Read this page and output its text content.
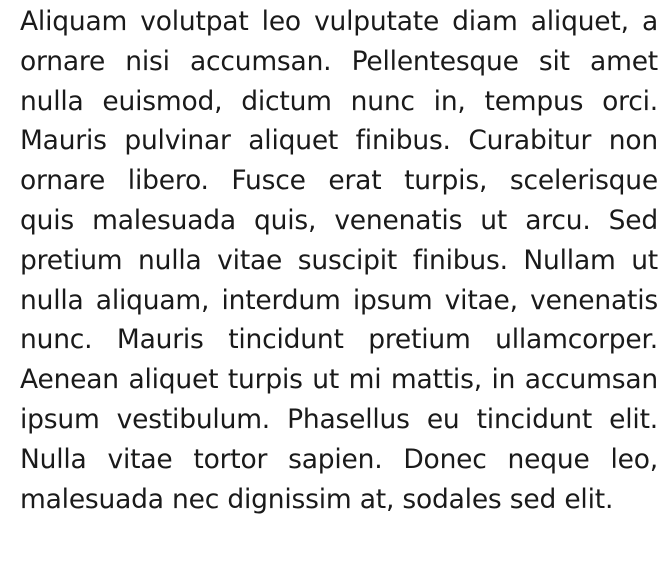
Aliquam volutpat leo vulputate diam aliquet, a
ornare nisi accumsan. Pellentesque sit amet
nulla euismod, dictum nunc in, tempus orci.
Mauris pulvinar aliquet finibus. Curabitur non
ornare libero. Fusce erat turpis, scelerisque
quis malesuada quis, venenatis ut arcu. Sed
pretium nulla vitae suscipit finibus. Nullam ut
nulla aliquam, interdum ipsum vitae, venenatis
nunc. Mauris tincidunt pretium ullamcorper.
Aenean aliquet turpis ut mi mattis, in accumsan
ipsum vestibulum. Phasellus eu tincidunt elit.
Nulla vitae tortor sapien. Donec neque leo,
malesuada nec dignissim at, sodales sed elit.
